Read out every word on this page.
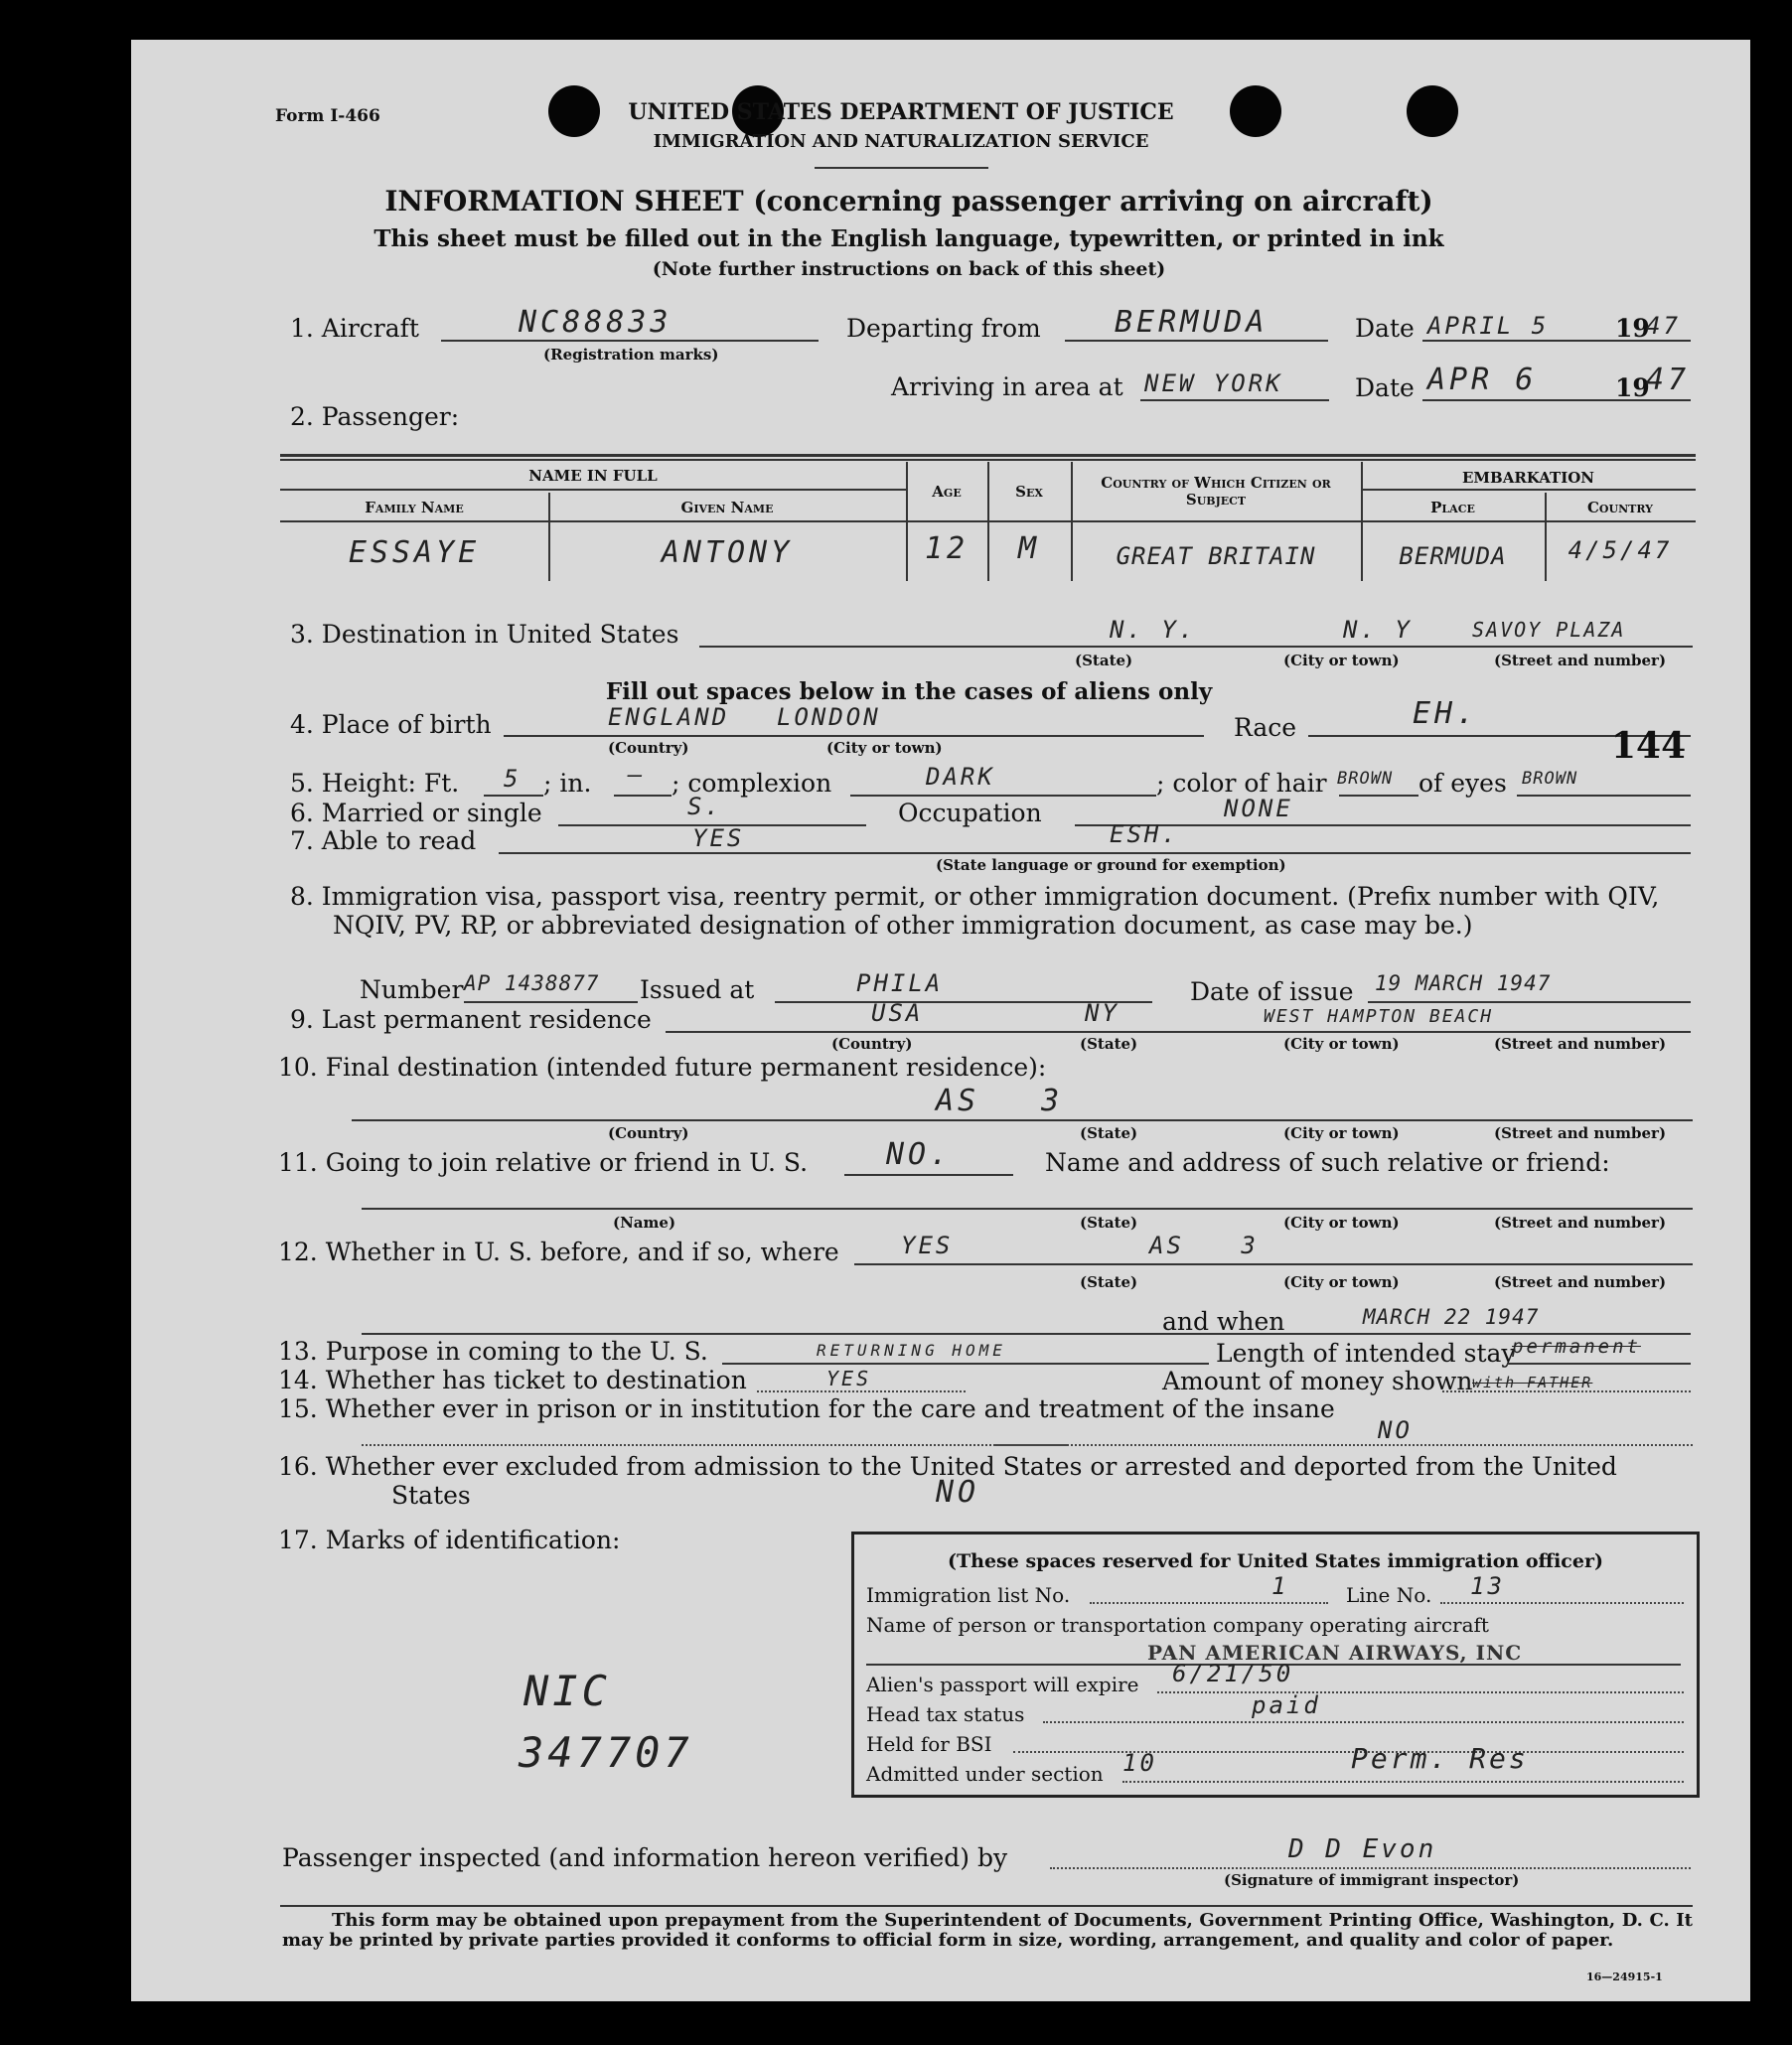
Form I-466	UNITED STATES DEPARTMENT OF JUSTICE
IMMIGRATION AND NATURALIZATION SERVICE
INFORMATION SHEET (concerning passenger arriving on aircraft)
This sheet must be filled out in the English language, typewritten, or printed in ink
(Note further instructions on back of this sheet)
1. Aircraft	NC88833
(Registration marks)
Departing from BERMUDA	Date APRIL 5	19
47
Arriving in area at NEW YORK	Date APR 6	19
47
2. Passenger:
NAME IN FULL
Family Name	Given Name
Age	Sex	Country of Which Citizen or Subject
EMBARKATION
Place	Country
ESSAYE	ANTONY	12	M	GREAT BRITAIN	BERMUDA	4/5/47
3. Destination in United States	N. Y.	N. Y	SAVOY PLAZA
(State)	(City or town)	(Street and number)
Fill out spaces below in the cases of aliens only
4. Place of birth	ENGLAND LONDON
(Country)	(City or town)
Race	EH.
144
5. Height: Ft. 5 ; in. — ; complexion	DARK	; color of hair BROWN of eyes BROWN
6. Married or single	S.	Occupation	NONE
7. Able to read	YES	ESH.
(State language or ground for exemption)
8. Immigration visa, passport visa, reentry permit, or other immigration document. (Prefix number with QIV,
NQIV, PV, RP, or abbreviated designation of other immigration document, as case may be.)
Number AP 1438877 Issued at	PHILA	Date of issue 19 MARCH 1947
9. Last permanent residence	USA	NY	WEST HAMPTON BEACH
(Country)	(State)	(City or town)	(Street and number)
10. Final destination (intended future permanent residence):
AS 3
(Country)	(State)	(City or town)	(Street and number)
11. Going to join relative or friend in U. S.	NO.	Name and address of such relative or friend:
(Name)	(State)	(City or town)	(Street and number)
12. Whether in U. S. before, and if so, where	YES	AS 3
(State)	(City or town)	(Street and number)
and when	MARCH 22 1947
13. Purpose in coming to the U. S.	RETURNING HOME	Length of intended stay
permanent
14. Whether has ticket to destination	YES	Amount of money shown with FATHER
15. Whether ever in prison or in institution for the care and treatment of the insane
NO
16. Whether ever excluded from admission to the United States or arrested and deported from the United
States	NO
17. Marks of identification:
NIC
347707
(These spaces reserved for United States immigration officer)
Immigration list No.	1	Line No. 13
Name of person or transportation company operating aircraft
PAN AMERICAN AIRWAYS, INC
Alien's passport will expire 6/21/50
Head tax status	paid
Held for BSI
Admitted under section 10	Perm. Res
Passenger inspected (and information hereon verified) by	D D Evon
(Signature of immigrant inspector)
This form may be obtained upon prepayment from the Superintendent of Documents, Government Printing Office, Washington, D. C. It may be printed by private parties provided it conforms to official form in size, wording, arrangement, and quality and color of paper.
16—24915-1
